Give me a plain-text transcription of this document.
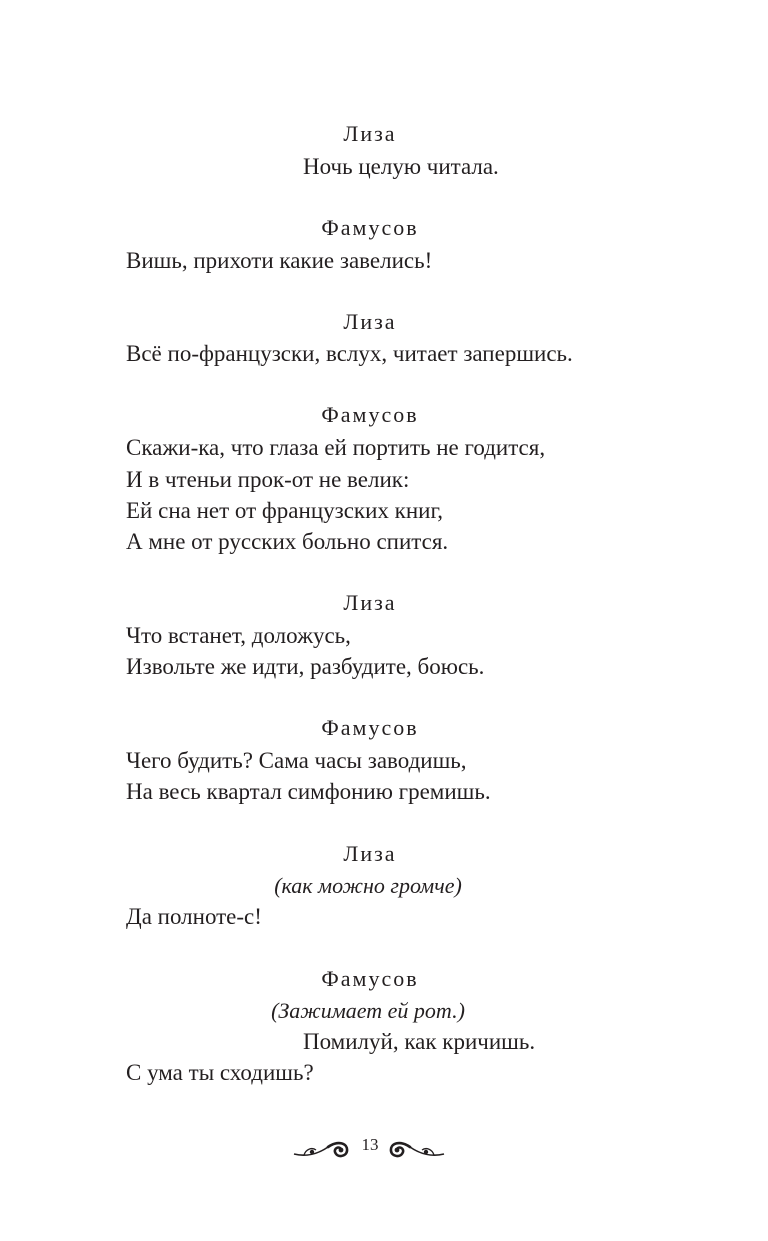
Лиза
Ночь целую читала.
Фамусов
Вишь, прихоти какие завелись!
Лиза
Всё по-французски, вслух, читает запершись.
Фамусов
Скажи-ка, что глаза ей портить не годится,
И в чтеньи прок-от не велик:
Ей сна нет от французских книг,
А мне от русских больно спится.
Лиза
Что встанет, доложусь,
Извольте же идти, разбудите, боюсь.
Фамусов
Чего будить? Сама часы заводишь,
На весь квартал симфонию гремишь.
Лиза
(как можно громче)
Да полноте-с!
Фамусов
(Зажимает ей рот.)
Помилуй, как кричишь.
С ума ты сходишь?
13
